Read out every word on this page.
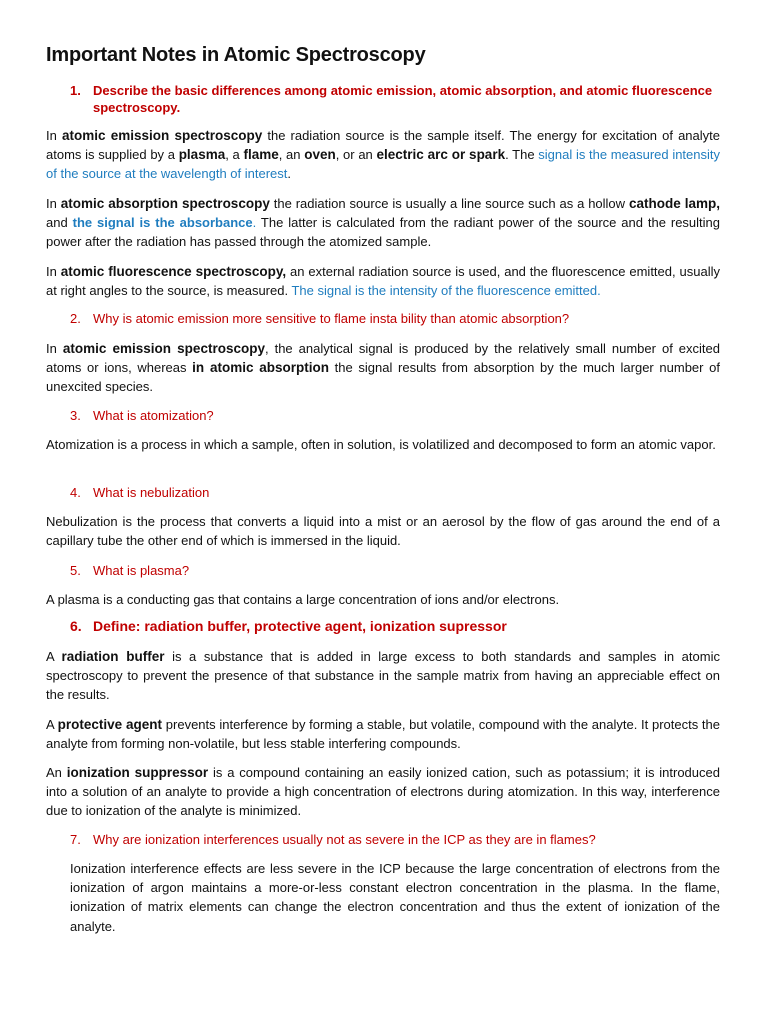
Important Notes in Atomic Spectroscopy
1. Describe the basic differences among atomic emission, atomic absorption, and atomic fluorescence
spectroscopy.
In atomic emission spectroscopy the radiation source is the sample itself. The energy for excitation of analyte atoms is supplied by a plasma, a flame, an oven, or an electric arc or spark. The signal is the measured intensity of the source at the wavelength of interest.
In atomic absorption spectroscopy the radiation source is usually a line source such as a hollow cathode lamp, and the signal is the absorbance. The latter is calculated from the radiant power of the source and the resulting power after the radiation has passed through the atomized sample.
In atomic fluorescence spectroscopy, an external radiation source is used, and the fluorescence emitted, usually at right angles to the source, is measured. The signal is the intensity of the fluorescence emitted.
2. Why is atomic emission more sensitive to flame insta bility than atomic absorption?
In atomic emission spectroscopy, the analytical signal is produced by the relatively small number of excited atoms or ions, whereas in atomic absorption the signal results from absorption by the much larger number of unexcited species.
3. What is atomization?
Atomization is a process in which a sample, often in solution, is volatilized and decomposed to form an atomic vapor.
4. What is nebulization
Nebulization is the process that converts a liquid into a mist or an aerosol by the flow of gas around the end of a capillary tube the other end of which is immersed in the liquid.
5. What is plasma?
A plasma is a conducting gas that contains a large concentration of ions and/or electrons.
6. Define: radiation buffer, protective agent, ionization supressor
A radiation buffer is a substance that is added in large excess to both standards and samples in atomic spectroscopy to prevent the presence of that substance in the sample matrix from having an appreciable effect on the results.
A protective agent prevents interference by forming a stable, but volatile, compound with the analyte. It protects the analyte from forming non-volatile, but less stable interfering compounds.
An ionization suppressor is a compound containing an easily ionized cation, such as potassium; it is introduced into a solution of an analyte to provide a high concentration of electrons during atomization. In this way, interference due to ionization of the analyte is minimized.
7. Why are ionization interferences usually not as severe in the ICP as they are in flames?
Ionization interference effects are less severe in the ICP because the large concentration of electrons from the ionization of argon maintains a more-or-less constant electron concentration in the plasma. In the flame, ionization of matrix elements can change the electron concentration and thus the extent of ionization of the analyte.
